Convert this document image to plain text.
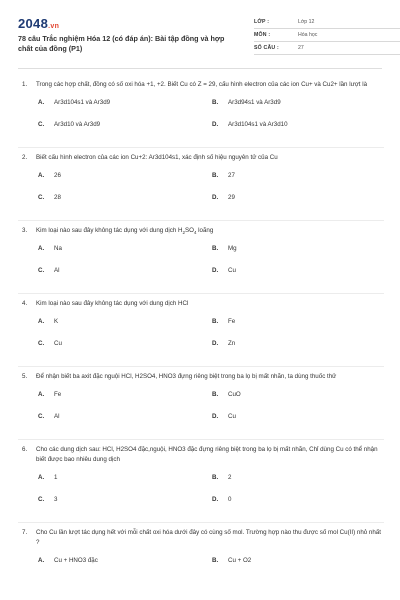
2048.vn
78 câu Trắc nghiệm Hóa 12 (có đáp án): Bài tập đồng và hợp chất của đồng (P1)
LỚP :	Lớp 12
MÔN :	Hóa học
SỐ CÂU :	27
1. Trong các hợp chất, đồng có số oxi hóa +1, +2. Biết Cu có Z = 29, cấu hình electron của các ion Cu+ và Cu2+ lần lượt là
A. Ar3d104s1 và Ar3d9	B. Ar3d94s1 và Ar3d9
C. Ar3d10 và Ar3d9	D. Ar3d104s1 và Ar3d10
2. Biết cấu hình electron của các ion Cu+2: Ar3d104s1, xác định số hiệu nguyên tử của Cu
A. 26	B. 27
C. 28	D. 29
3. Kim loại nào sau đây không tác dụng với dung dịch $H_2SO_4$ loãng
A. Na	B. Mg
C. Al	D. Cu
4. Kim loại nào sau đây không tác dụng với dung dịch HCl
A. K	B. Fe
C. Cu	D. Zn
5. Để nhận biết ba axit đặc nguội HCl, H2SO4, HNO3 đựng riêng biệt trong ba lọ bị mất nhãn, ta dùng thuốc thử
A. Fe	B. CuO
C. Al	D. Cu
6. Cho các dung dịch sau: HCl, H2SO4 đặc,nguội, HNO3 đặc đựng riêng biệt trong ba lọ bị mất nhãn, Chỉ dùng Cu có thể nhận biết được bao nhiêu dung dịch
A. 1	B. 2
C. 3	D. 0
7. Cho Cu lần lượt tác dụng hết với mỗi chất oxi hóa dưới đây có cùng số mol. Trường hợp nào thu được số mol Cu(II) nhỏ nhất ?
A. Cu + HNO3 đặc	B. Cu + O2
